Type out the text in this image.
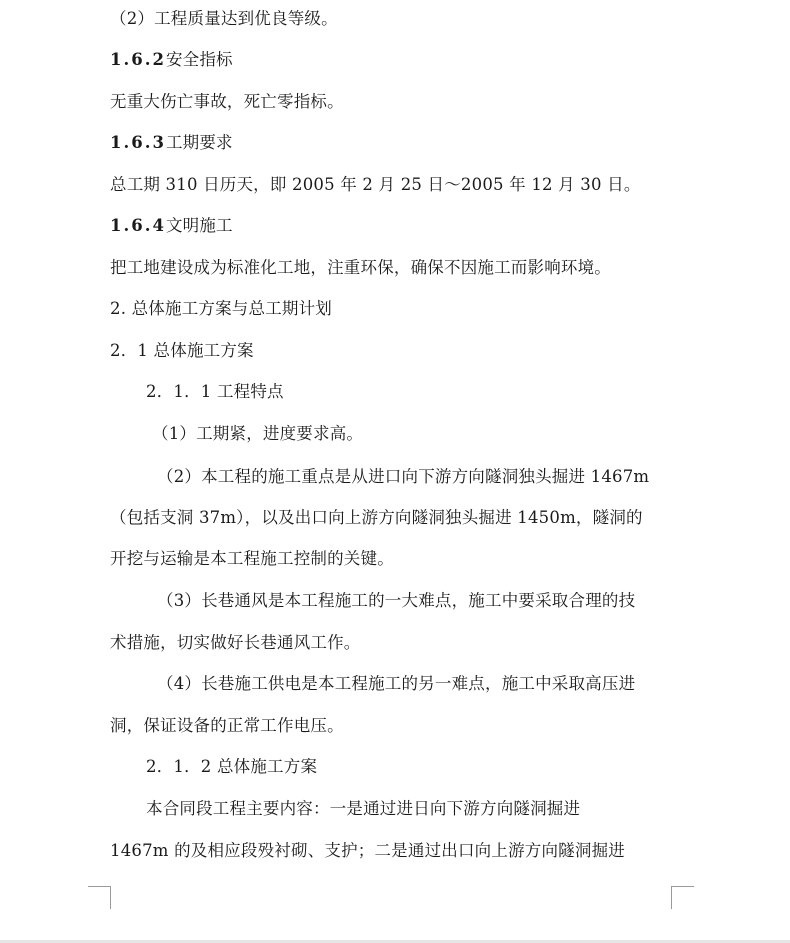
（2）工程质量达到优良等级。
1.6.2安全指标
无重大伤亡事故，死亡零指标。
1.6.3工期要求
总工期 310 日历天，即 2005 年 2 月 25 日～2005 年 12 月 30 日。
1.6.4文明施工
把工地建设成为标准化工地，注重环保，确保不因施工而影响环境。
2. 总体施工方案与总工期计划
2．1 总体施工方案
2．1．1 工程特点
（1）工期紧，进度要求高。
（2）本工程的施工重点是从进口向下游方向隧洞独头掘进 1467m
（包括支洞 37m），以及出口向上游方向隧洞独头掘进 1450m，隧洞的
开挖与运输是本工程施工控制的关键。
（3）长巷通风是本工程施工的一大难点，施工中要采取合理的技
术措施，切实做好长巷通风工作。
（4）长巷施工供电是本工程施工的另一难点，施工中采取高压进
洞，保证设备的正常工作电压。
2．1．2 总体施工方案
本合同段工程主要内容：一是通过进日向下游方向隧洞掘进
1467m 的及相应段殁衬砌、支护；二是通过出口向上游方向隧洞掘进
